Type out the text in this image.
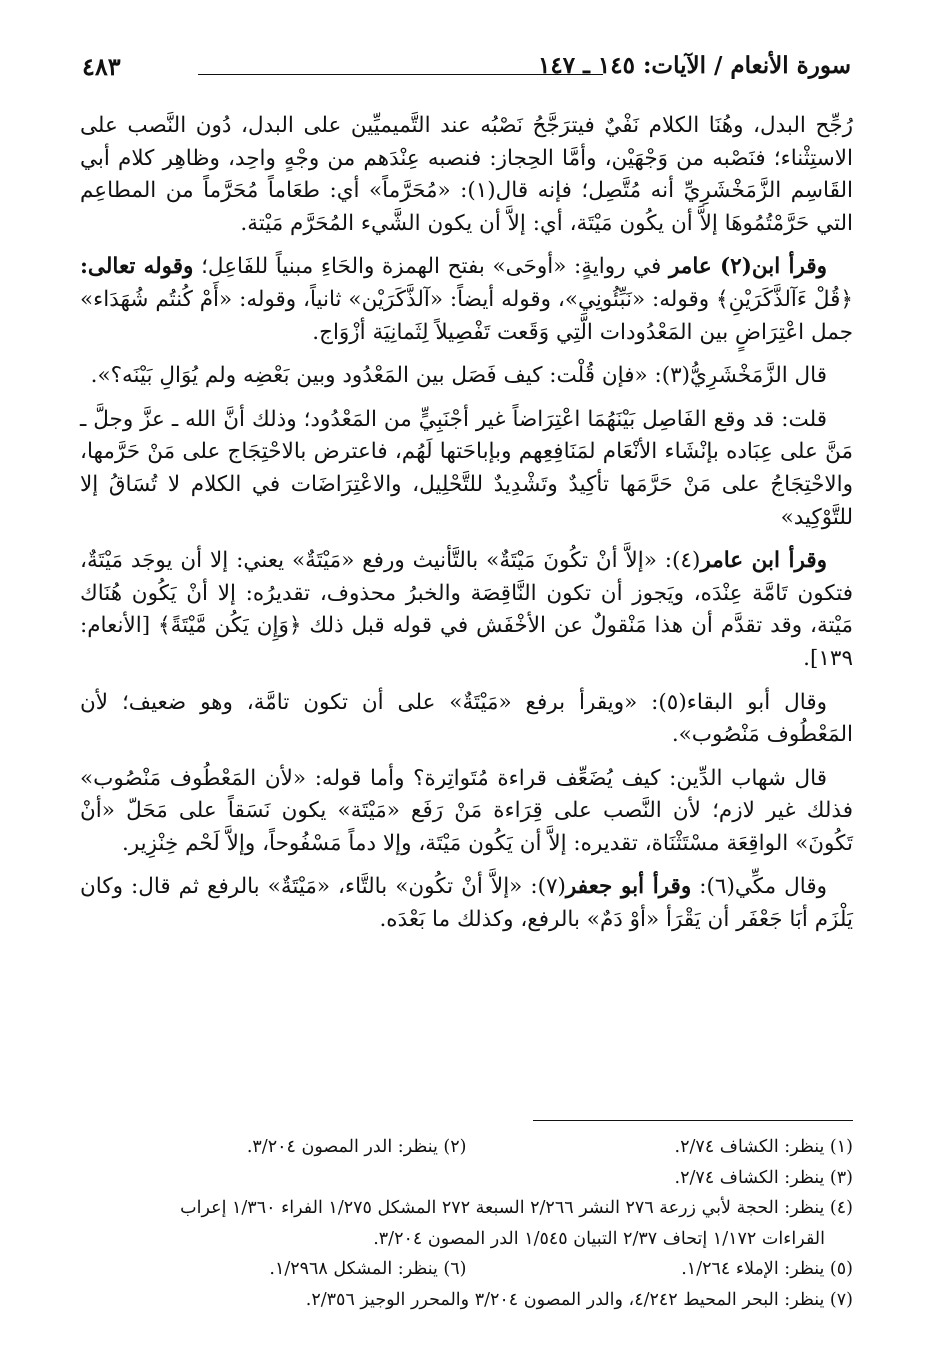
سورة الأنعام / الآيات: ١٤٥ ـ ١٤٧
٤٨٣

رُجِّح البدل، وهُنَا الكلام نَفْيٌ فيترَجَّحُ نَصْبُه عند التَّميميِّين على البدل، دُون النَّصب على الاستِثْناء؛ فنَصْبه من وَجْهَيْن، وأمَّا الحِجاز: فنصبه عِنْدَهم من وجْهٍ واحِد، وظاهِر كلام أبي القَاسِم الزَّمَخْشَرِيِّ أنه مُتَّصِل؛ فإنه قال(١): «مُحَرَّماً» أي: طعَاماً مُحَرَّماً من المطاعِم التي حَرَّمْتُمُوهَا إلاَّ أن يكُون مَيْتَة، أي: إلاَّ أن يكون الشَّيء المُحَرَّم مَيْتة.

وقرأ ابن(٢) عامر في روايةٍ: «أوحَى» بفتح الهمزة والحَاءِ مبنياً للفَاعِل؛ وقوله تعالى: ﴿قُلْ ءَآلذَّكَرَيْنِ﴾ وقوله: «نَبِّئُونِي»، وقوله أيضاً: «آلذَّكَرَيْن» ثانياً، وقوله: «أَمْ كُنتُم شُهَدَاء» جمل اعْتِرَاضٍ بين المَعْدُودات الَّتِي وَقَعت تَفْصِيلاً لِثَمانِيَة أزْوَاج.

قال الزَّمَخْشَرِيُّ(٣): «فإن قُلْت: كيف فَصَل بين المَعْدُود وبين بَعْضِه ولم يُوَالِ بَيْنَه؟».

قلت: قد وقع الفَاصِل بَيْنَهُمَا اعْتِرَاضاً غير أجْنَبِيٍّ من المَعْدُود؛ وذلك أنَّ الله ـ عزَّ وجلَّ ـ مَنَّ على عِبَاده بإنْشَاء الأنْعَام لمَنَافِعِهم وبإباحَتها لَهُم، فاعترض بالاحْتِجَاج على مَنْ حَرَّمها، والاحْتِجَاجُ على مَنْ حَرَّمَها تأكِيدٌ وتَشْدِيدٌ للتَّحْلِيل، والاعْتِرَاضَات في الكلام لا تُسَاقُ إلا للتَّوْكِيد»

وقرأ ابن عامر(٤): «إلاَّ أنْ تكُونَ مَيْتَةٌ» بالتَّأنيث ورفع «مَيْتَةٌ» يعني: إلا أن يوجَد مَيْتَةٌ، فتكون تَامَّة عِنْدَه، ويَجوز أن تكون النَّاقِصَة والخبرُ محذوف، تقديرُه: إلا أنْ يَكُون هُنَاك مَيْتة، وقد تقدَّم أن هذا مَنْقولٌ عن الأخْفَش في قوله قبل ذلك ﴿وَإِن يَكُن مَّيْتَةً﴾ [الأنعام: ١٣٩].

وقال أبو البقاء(٥): «ويقرأ برفع «مَيْتَةٌ» على أن تكون تامَّة، وهو ضعيف؛ لأن المَعْطُوف مَنْصُوب».

قال شهاب الدِّين: كيف يُضَعِّف قراءة مُتَواتِرة؟ وأما قوله: «لأن المَعْطُوف مَنْصُوب» فذلك غير لازم؛ لأن النَّصب على قِرَاءة مَنْ رَفَع «مَيْتَة» يكون نَسَقاً على مَحَلّ «أنْ تَكُونَ» الواقِعَة مسْتَثْنَاة، تقديره: إلاَّ أن يَكُون مَيْتَة، وإلا دماً مَسْفُوحاً، وإلاَّ لَحْم خِنْزِير.

وقال مكِّي(٦): وقرأ أبو جعفر(٧): «إلاَّ أنْ تكُون» بالتَّاء، «مَيْتَةٌ» بالرفع ثم قال: وكان يَلْزَم أبَا جَعْفَر أن يَقْرَأ «أوْ دَمٌ» بالرفع، وكذلك ما بَعْدَه.

(١) ينظر: الكشاف ٢/٧٤.
(٢) ينظر: الدر المصون ٣/٢٠٤.
(٣) ينظر: الكشاف ٢/٧٤.
(٤) ينظر: الحجة لأبي زرعة ٢٧٦ النشر ٢/٢٦٦ السبعة ٢٧٢ المشكل ١/٢٧٥ الفراء ١/٣٦٠ إعراب
القراءات ١/١٧٢ إتحاف ٢/٣٧ التبيان ١/٥٤٥ الدر المصون ٣/٢٠٤.
(٥) ينظر: الإملاء ١/٢٦٤.
(٦) ينظر: المشكل ١/٢٩٦٨.
(٧) ينظر: البحر المحيط ٤/٢٤٢، والدر المصون ٣/٢٠٤ والمحرر الوجيز ٢/٣٥٦.
